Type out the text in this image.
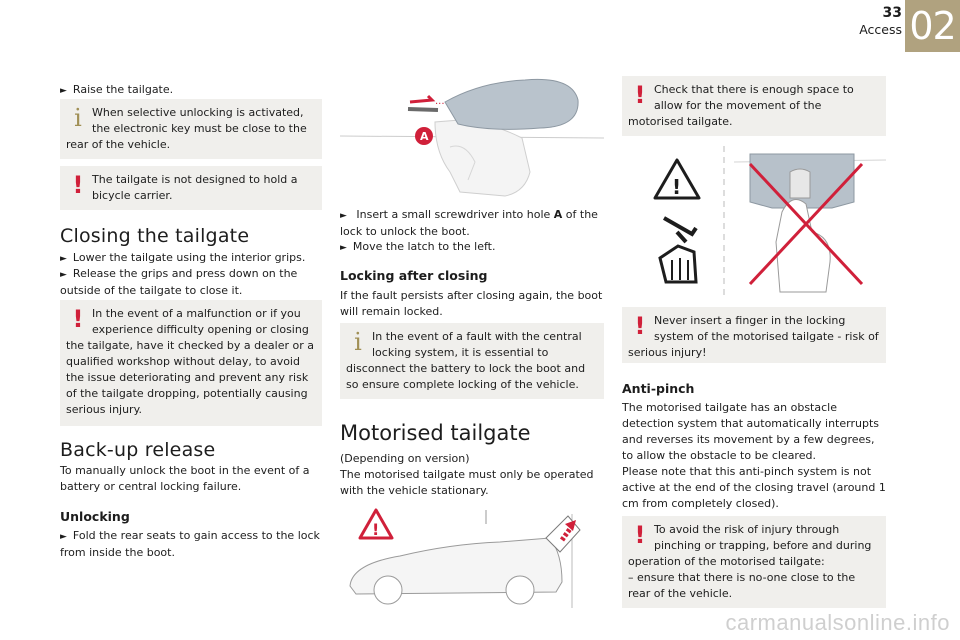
33
Access 02
► Raise the tailgate.
i When selective unlocking is activated, the electronic key must be close to the rear of the vehicle.
! The tailgate is not designed to hold a bicycle carrier.
Closing the tailgate
► Lower the tailgate using the interior grips.
► Release the grips and press down on the outside of the tailgate to close it.
! In the event of a malfunction or if you experience difficulty opening or closing the tailgate, have it checked by a dealer or a qualified workshop without delay, to avoid the issue deteriorating and prevent any risk of the tailgate dropping, potentially causing serious injury.
Back-up release
To manually unlock the boot in the event of a battery or central locking failure.
Unlocking
► Fold the rear seats to gain access to the lock from inside the boot.
···
A
► Insert a small screwdriver into hole A of the lock to unlock the boot.
► Move the latch to the left.
Locking after closing
If the fault persists after closing again, the boot will remain locked.
i In the event of a fault with the central locking system, it is essential to disconnect the battery to lock the boot and so ensure complete locking of the vehicle.
Motorised tailgate
(Depending on version)
The motorised tailgate must only be operated with the vehicle stationary.
!
! Check that there is enough space to allow for the movement of the motorised tailgate.
!
! Never insert a finger in the locking system of the motorised tailgate - risk of serious injury!
Anti-pinch
The motorised tailgate has an obstacle detection system that automatically interrupts and reverses its movement by a few degrees, to allow the obstacle to be cleared.
Please note that this anti-pinch system is not active at the end of the closing travel (around 1 cm from completely closed).
! To avoid the risk of injury through pinching or trapping, before and during operation of the motorised tailgate:
– ensure that there is no-one close to the rear of the vehicle.
carmanualsonline.info
